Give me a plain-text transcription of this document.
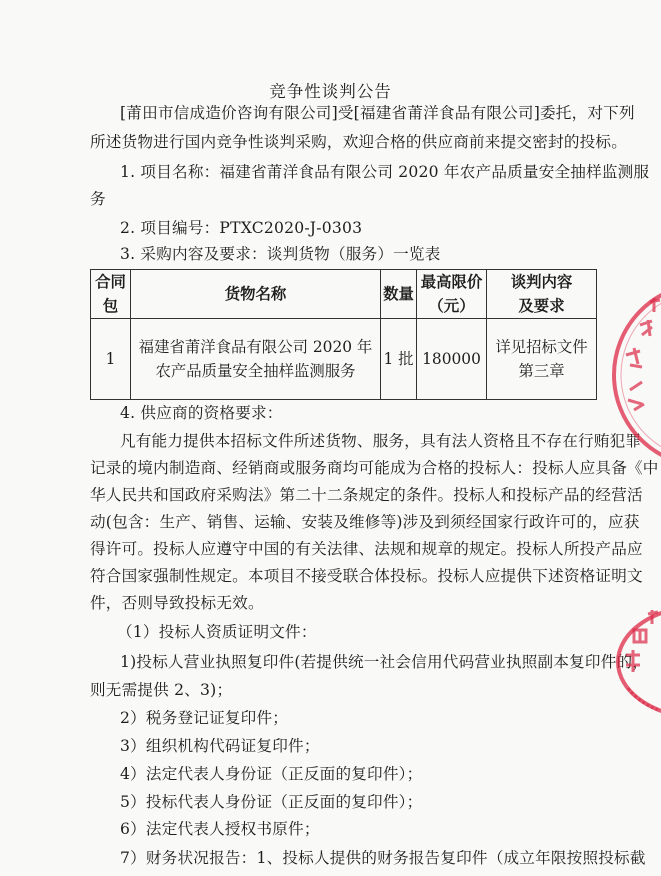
竞争性谈判公告
[莆田市信成造价咨询有限公司]受[福建省莆洋食品有限公司]委托，对下列
所述货物进行国内竞争性谈判采购，欢迎合格的供应商前来提交密封的投标。
1. 项目名称：福建省莆洋食品有限公司 2020 年农产品质量安全抽样监测服
务
2. 项目编号：PTXC2020-J-0303
3. 采购内容及要求：谈判货物（服务）一览表
合同
包	货物名称	数量	最高限价
（元）	谈判内容
及要求
1	福建省莆洋食品有限公司 2020 年
农产品质量安全抽样监测服务	1 批	180000	详见招标文件
第三章
4. 供应商的资格要求：
凡有能力提供本招标文件所述货物、服务，具有法人资格且不存在行贿犯罪
记录的境内制造商、经销商或服务商均可能成为合格的投标人：投标人应具备《中
华人民共和国政府采购法》第二十二条规定的条件。投标人和投标产品的经营活
动(包含：生产、销售、运输、安装及维修等)涉及到须经国家行政许可的，应获
得许可。投标人应遵守中国的有关法律、法规和规章的规定。投标人所投产品应
符合国家强制性规定。本项目不接受联合体投标。投标人应提供下述资格证明文
件，否则导致投标无效。
（1）投标人资质证明文件：
1)投标人营业执照复印件(若提供统一社会信用代码营业执照副本复印件的，
则无需提供 2、3)；
2）税务登记证复印件；
3）组织机构代码证复印件；
4）法定代表人身份证（正反面的复印件）；
5）投标代表人身份证（正反面的复印件）；
6）法定代表人授权书原件；
7）财务状况报告：1、投标人提供的财务报告复印件（成立年限按照投标截
